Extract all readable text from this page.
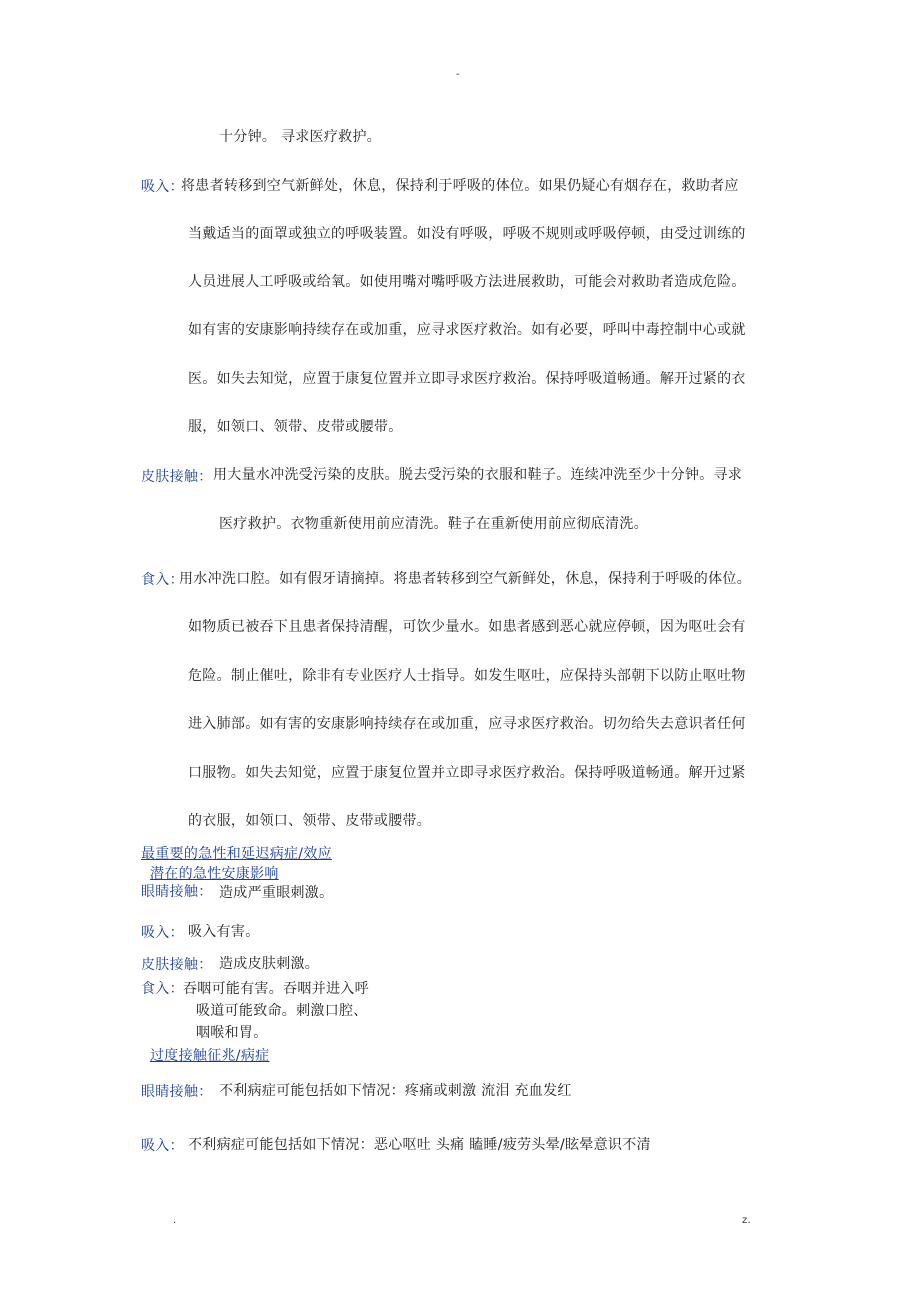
-
十分钟。 寻求医疗救护。
吸入：
将患者转移到空气新鲜处，休息，保持利于呼吸的体位。如果仍疑心有烟存在，救助者应
当戴适当的面罩或独立的呼吸装置。如没有呼吸，呼吸不规则或呼吸停顿，由受过训练的
人员进展人工呼吸或给氧。如使用嘴对嘴呼吸方法进展救助，可能会对救助者造成危险。
如有害的安康影响持续存在或加重，应寻求医疗救治。如有必要，呼叫中毒控制中心或就
医。如失去知觉，应置于康复位置并立即寻求医疗救治。保持呼吸道畅通。解开过紧的衣
服，如领口、领带、皮带或腰带。
皮肤接触： 用大量水冲洗受污染的皮肤。脱去受污染的衣服和鞋子。连续冲洗至少十分钟。寻求
医疗救护。衣物重新使用前应清洗。鞋子在重新使用前应彻底清洗。
食入：
用水冲洗口腔。如有假牙请摘掉。将患者转移到空气新鲜处，休息，保持利于呼吸的体位。
如物质已被吞下且患者保持清醒，可饮少量水。如患者感到恶心就应停顿，因为呕吐会有
危险。制止催吐，除非有专业医疗人士指导。如发生呕吐，应保持头部朝下以防止呕吐物
进入肺部。如有害的安康影响持续存在或加重，应寻求医疗救治。切勿给失去意识者任何
口服物。如失去知觉，应置于康复位置并立即寻求医疗救治。保持呼吸道畅通。解开过紧
的衣服，如领口、领带、皮带或腰带。
最重要的急性和延迟病症/效应
潜在的急性安康影响
眼睛接触： 造成严重眼刺激。
吸入： 吸入有害。
皮肤接触： 造成皮肤刺激。
食入： 吞咽可能有害。吞咽并进入呼
吸道可能致命。刺激口腔、
咽喉和胃。
过度接触征兆/病症
眼睛接触： 不利病症可能包括如下情况：疼痛或刺激 流泪 充血发红
吸入： 不利病症可能包括如下情况：恶心呕吐 头痛 瞌睡/疲劳头晕/眩晕意识不清
.	z.
